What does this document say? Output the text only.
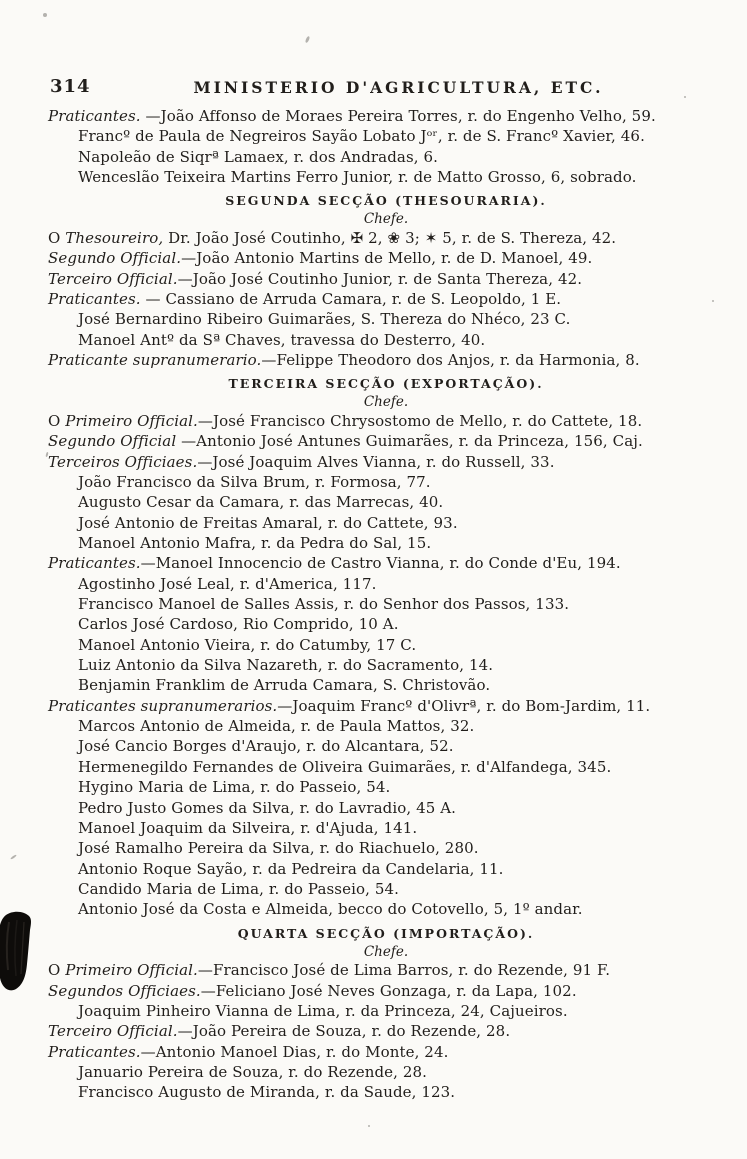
314	MINISTERIO D'AGRICULTURA, ETC.
Praticantes. —João Affonso de Moraes Pereira Torres, r. do Engenho Velho, 59.
Francº de Paula de Negreiros Sayão Lobato Jᵒʳ, r. de S. Francº Xavier, 46.
Napoleão de Siqrª Lamaex, r. dos Andradas, 6.
Wenceslão Teixeira Martins Ferro Junior, r. de Matto Grosso, 6, sobrado.
SEGUNDA SECÇÃO (THESOURARIA).
Chefe.
O Thesoureiro, Dr. João José Coutinho, ✠ 2, ❀ 3; ✶ 5, r. de S. Thereza, 42.
Segundo Official.—João Antonio Martins de Mello, r. de D. Manoel, 49.
Terceiro Official.—João José Coutinho Junior, r. de Santa Thereza, 42.
Praticantes. — Cassiano de Arruda Camara, r. de S. Leopoldo, 1 E.
José Bernardino Ribeiro Guimarães, S. Thereza do Nhéco, 23 C.
Manoel Antº da Sª Chaves, travessa do Desterro, 40.
Praticante supranumerario.—Felippe Theodoro dos Anjos, r. da Harmonia, 8.
TERCEIRA SECÇÃO (EXPORTAÇÃO).
Chefe.
O Primeiro Official.—José Francisco Chrysostomo de Mello, r. do Cattete, 18.
Segundo Official —Antonio José Antunes Guimarães, r. da Princeza, 156, Caj.
Terceiros Officiaes.—José Joaquim Alves Vianna, r. do Russell, 33.
João Francisco da Silva Brum, r. Formosa, 77.
Augusto Cesar da Camara, r. das Marrecas, 40.
José Antonio de Freitas Amaral, r. do Cattete, 93.
Manoel Antonio Mafra, r. da Pedra do Sal, 15.
Praticantes.—Manoel Innocencio de Castro Vianna, r. do Conde d'Eu, 194.
Agostinho José Leal, r. d'America, 117.
Francisco Manoel de Salles Assis, r. do Senhor dos Passos, 133.
Carlos José Cardoso, Rio Comprido, 10 A.
Manoel Antonio Vieira, r. do Catumby, 17 C.
Luiz Antonio da Silva Nazareth, r. do Sacramento, 14.
Benjamin Franklim de Arruda Camara, S. Christovão.
Praticantes supranumerarios.—Joaquim Francº d'Olivrª, r. do Bom-Jardim, 11.
Marcos Antonio de Almeida, r. de Paula Mattos, 32.
José Cancio Borges d'Araujo, r. do Alcantara, 52.
Hermenegildo Fernandes de Oliveira Guimarães, r. d'Alfandega, 345.
Hygino Maria de Lima, r. do Passeio, 54.
Pedro Justo Gomes da Silva, r. do Lavradio, 45 A.
Manoel Joaquim da Silveira, r. d'Ajuda, 141.
José Ramalho Pereira da Silva, r. do Riachuelo, 280.
Antonio Roque Sayão, r. da Pedreira da Candelaria, 11.
Candido Maria de Lima, r. do Passeio, 54.
Antonio José da Costa e Almeida, becco do Cotovello, 5, 1º andar.
QUARTA SECÇÃO (IMPORTAÇÃO).
Chefe.
O Primeiro Official.—Francisco José de Lima Barros, r. do Rezende, 91 F.
Segundos Officiaes.—Feliciano José Neves Gonzaga, r. da Lapa, 102.
Joaquim Pinheiro Vianna de Lima, r. da Princeza, 24, Cajueiros.
Terceiro Official.—João Pereira de Souza, r. do Rezende, 28.
Praticantes.—Antonio Manoel Dias, r. do Monte, 24.
Januario Pereira de Souza, r. do Rezende, 28.
Francisco Augusto de Miranda, r. da Saude, 123.
